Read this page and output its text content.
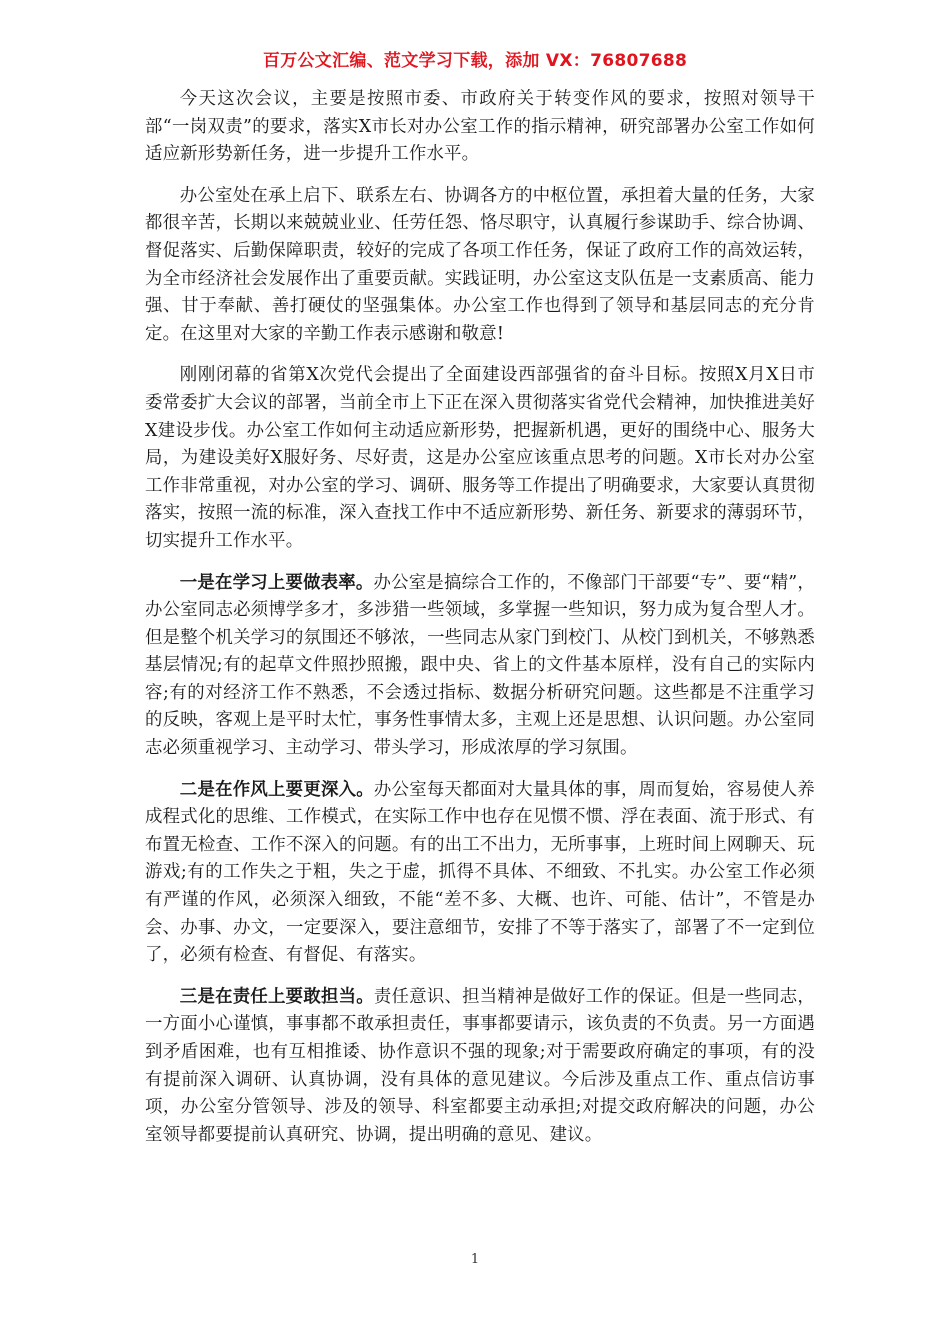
百万公文汇编、范文学习下载，添加 VX：76807688

今天这次会议，主要是按照市委、市政府关于转变作风的要求，按照对领导干部“一岗双责”的要求，落实X市长对办公室工作的指示精神，研究部署办公室工作如何适应新形势新任务，进一步提升工作水平。

办公室处在承上启下、联系左右、协调各方的中枢位置，承担着大量的任务，大家都很辛苦，长期以来兢兢业业、任劳任怨、恪尽职守，认真履行参谋助手、综合协调、督促落实、后勤保障职责，较好的完成了各项工作任务，保证了政府工作的高效运转，为全市经济社会发展作出了重要贡献。实践证明，办公室这支队伍是一支素质高、能力强、甘于奉献、善打硬仗的坚强集体。办公室工作也得到了领导和基层同志的充分肯定。在这里对大家的辛勤工作表示感谢和敬意!

刚刚闭幕的省第X次党代会提出了全面建设西部强省的奋斗目标。按照X月X日市委常委扩大会议的部署，当前全市上下正在深入贯彻落实省党代会精神，加快推进美好X建设步伐。办公室工作如何主动适应新形势，把握新机遇，更好的围绕中心、服务大局，为建设美好X服好务、尽好责，这是办公室应该重点思考的问题。X市长对办公室工作非常重视，对办公室的学习、调研、服务等工作提出了明确要求，大家要认真贯彻落实，按照一流的标准，深入查找工作中不适应新形势、新任务、新要求的薄弱环节，切实提升工作水平。

一是在学习上要做表率。办公室是搞综合工作的，不像部门干部要“专”、要“精”，办公室同志必须博学多才，多涉猎一些领域，多掌握一些知识，努力成为复合型人才。但是整个机关学习的氛围还不够浓，一些同志从家门到校门、从校门到机关，不够熟悉基层情况;有的起草文件照抄照搬，跟中央、省上的文件基本原样，没有自己的实际内容;有的对经济工作不熟悉，不会透过指标、数据分析研究问题。这些都是不注重学习的反映，客观上是平时太忙，事务性事情太多，主观上还是思想、认识问题。办公室同志必须重视学习、主动学习、带头学习，形成浓厚的学习氛围。

二是在作风上要更深入。办公室每天都面对大量具体的事，周而复始，容易使人养成程式化的思维、工作模式，在实际工作中也存在见惯不惯、浮在表面、流于形式、有布置无检查、工作不深入的问题。有的出工不出力，无所事事，上班时间上网聊天、玩游戏;有的工作失之于粗，失之于虚，抓得不具体、不细致、不扎实。办公室工作必须有严谨的作风，必须深入细致，不能“差不多、大概、也许、可能、估计”，不管是办会、办事、办文，一定要深入，要注意细节，安排了不等于落实了，部署了不一定到位了，必须有检查、有督促、有落实。

三是在责任上要敢担当。责任意识、担当精神是做好工作的保证。但是一些同志，一方面小心谨慎，事事都不敢承担责任，事事都要请示，该负责的不负责。另一方面遇到矛盾困难，也有互相推诿、协作意识不强的现象;对于需要政府确定的事项，有的没有提前深入调研、认真协调，没有具体的意见建议。今后涉及重点工作、重点信访事项，办公室分管领导、涉及的领导、科室都要主动承担;对提交政府解决的问题，办公室领导都要提前认真研究、协调，提出明确的意见、建议。

1
